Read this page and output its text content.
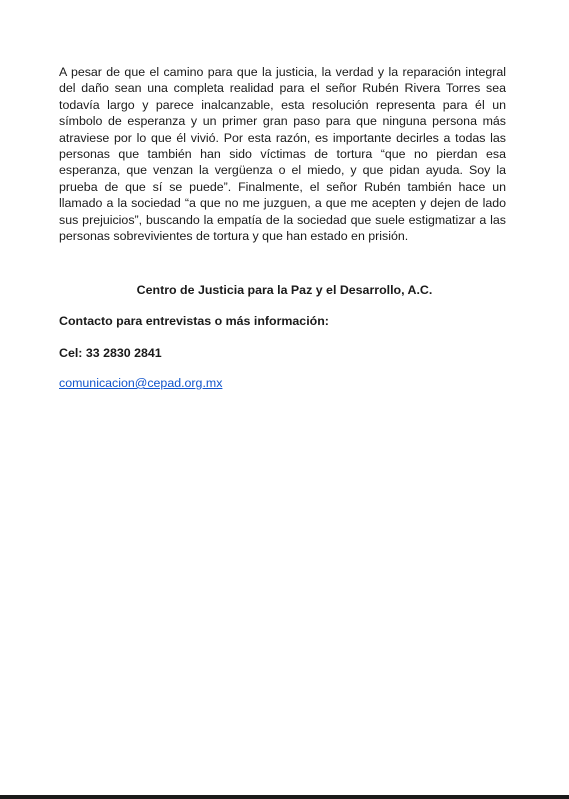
A pesar de que el camino para que la justicia, la verdad y la reparación integral del daño sean una completa realidad para el señor Rubén Rivera Torres sea todavía largo y parece inalcanzable, esta resolución representa para él un símbolo de esperanza y un primer gran paso para que ninguna persona más atraviese por lo que él vivió. Por esta razón, es importante decirles a todas las personas que también han sido víctimas de tortura “que no pierdan esa esperanza, que venzan la vergüenza o el miedo, y que pidan ayuda. Soy la prueba de que sí se puede”. Finalmente, el señor Rubén también hace un llamado a la sociedad “a que no me juzguen, a que me acepten y dejen de lado sus prejuicios”, buscando la empatía de la sociedad que suele estigmatizar a las personas sobrevivientes de tortura y que han estado en prisión.

Centro de Justicia para la Paz y el Desarrollo, A.C.

Contacto para entrevistas o más información:

Cel: 33 2830 2841

comunicacion@cepad.org.mx
